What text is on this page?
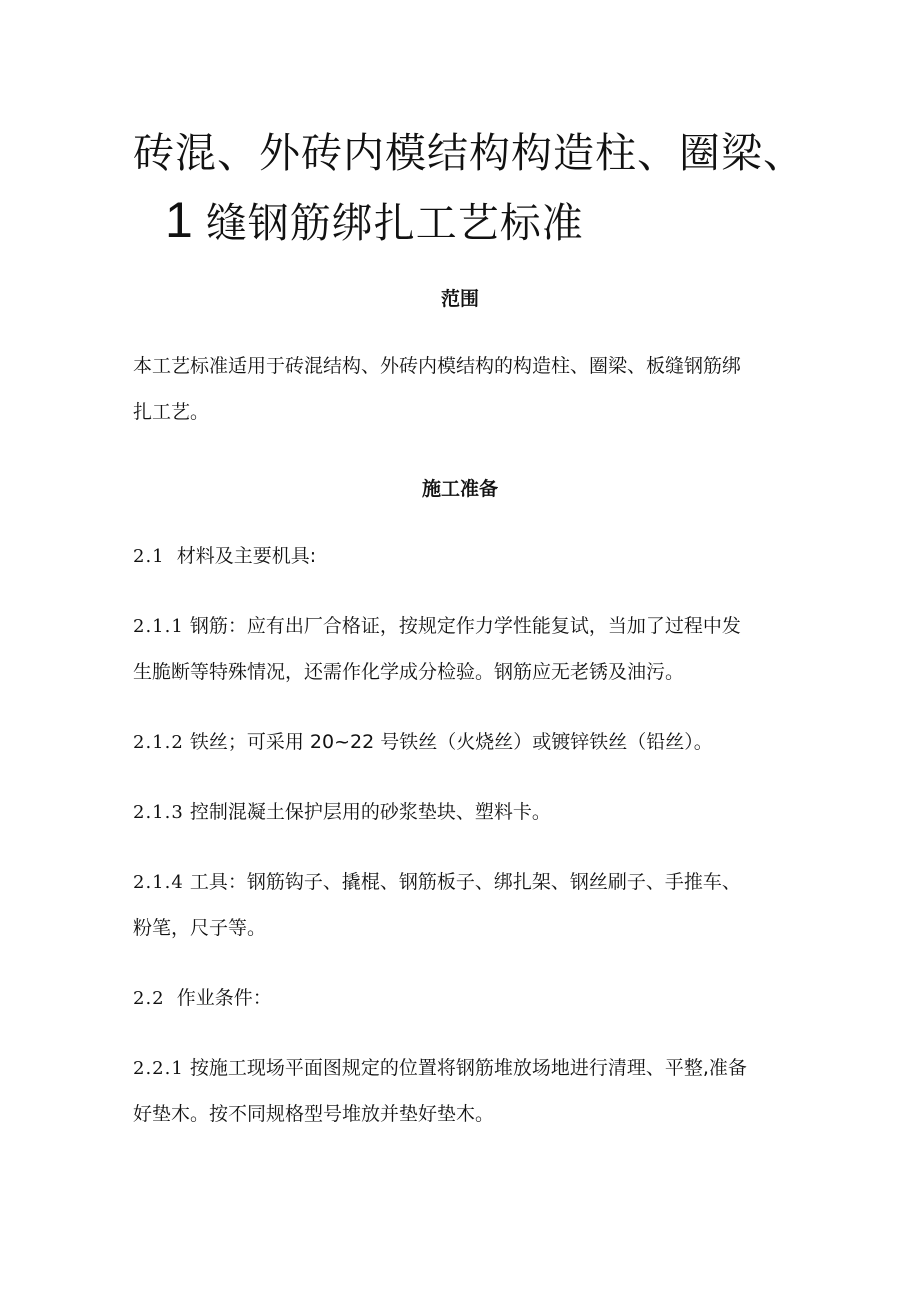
砖混、外砖内模结构构造柱、圈梁、
1 缝钢筋绑扎工艺标准
范围
本工艺标准适用于砖混结构、外砖内模结构的构造柱、圈梁、板缝钢筋绑
扎工艺。
施工准备
2.1 材料及主要机具:
2.1.1 钢筋：应有出厂合格证，按规定作力学性能复试，当加了过程中发
生脆断等特殊情况，还需作化学成分检验。钢筋应无老锈及油污。
2.1.2 铁丝；可采用 20~22 号铁丝（火烧丝）或镀锌铁丝（铅丝）。
2.1.3 控制混凝土保护层用的砂浆垫块、塑料卡。
2.1.4 工具：钢筋钩子、撬棍、钢筋板子、绑扎架、钢丝刷子、手推车、
粉笔，尺子等。
2.2 作业条件：
2.2.1 按施工现场平面图规定的位置将钢筋堆放场地进行清理、平整,准备
好垫木。按不同规格型号堆放并垫好垫木。
